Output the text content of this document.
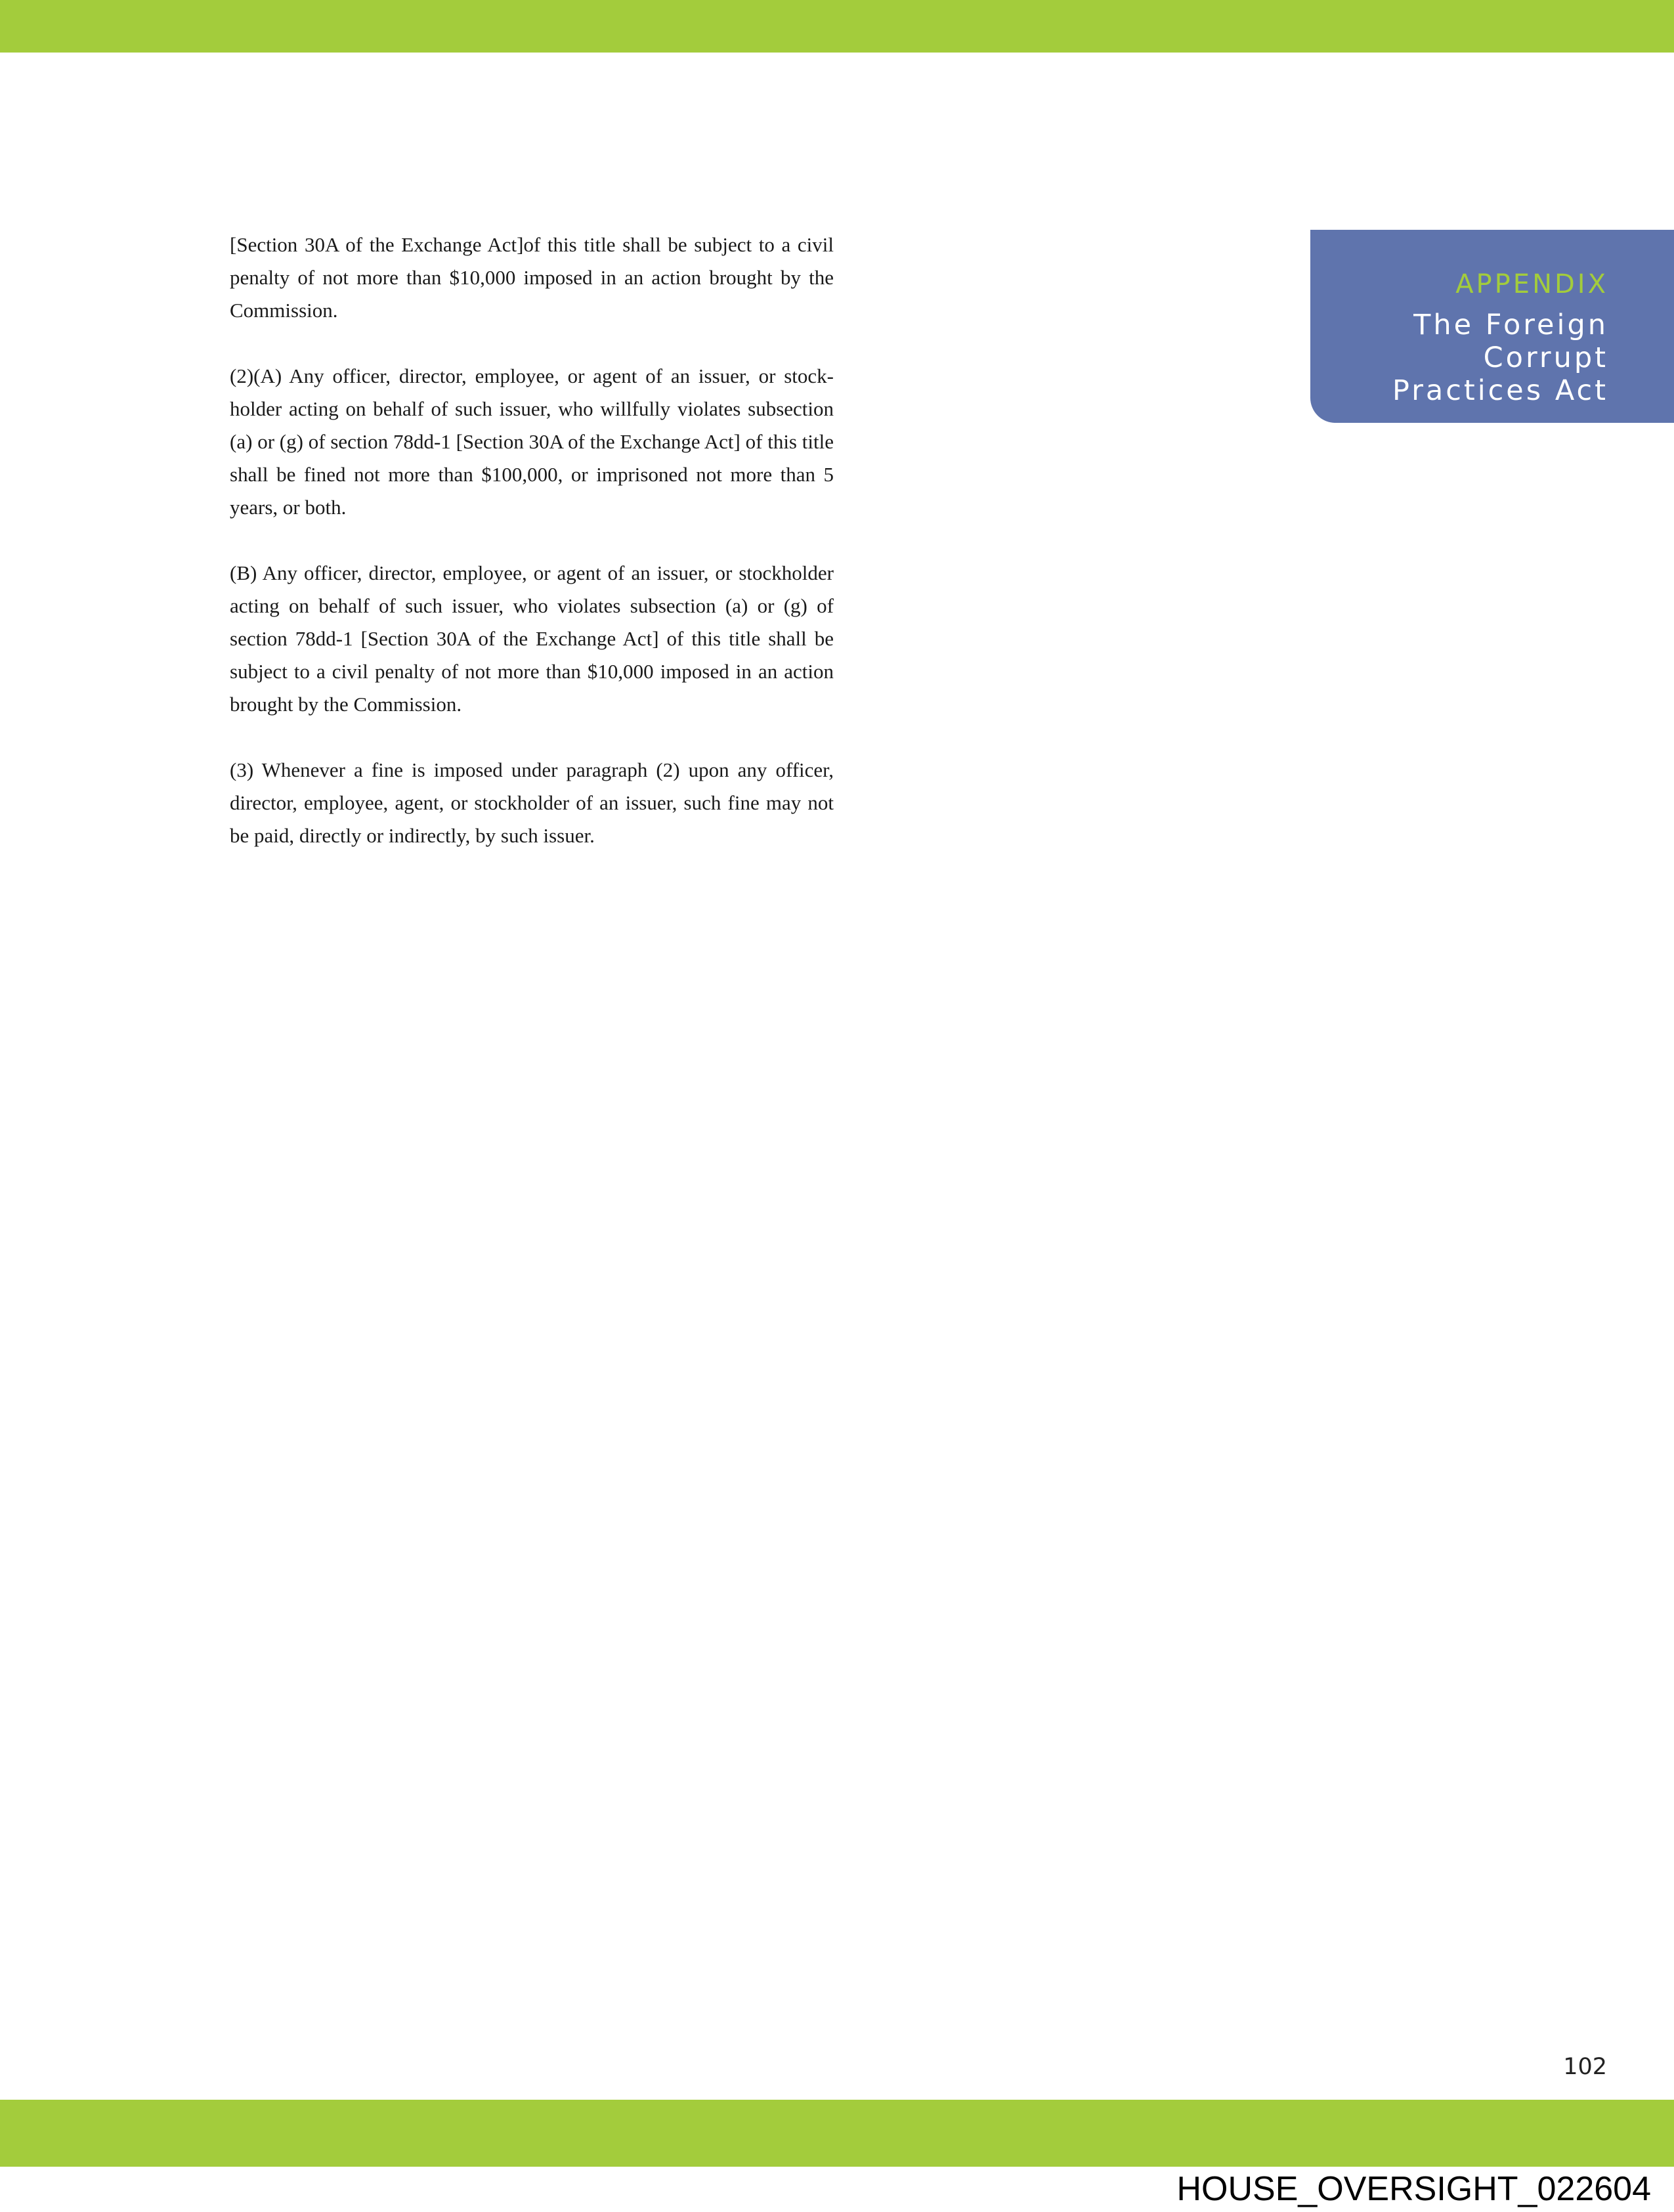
APPENDIX
The Foreign
Corrupt
Practices Act

[Section 30A of the Exchange Act]of this title shall be subject to a civil penalty of not more than $10,000 imposed in an action brought by the Commission.

(2)(A) Any officer, director, employee, or agent of an issuer, or stockholder acting on behalf of such issuer, who willfully violates subsection (a) or (g) of section 78dd-1 [Section 30A of the Exchange Act] of this title shall be fined not more than $100,000, or imprisoned not more than 5 years, or both.

(B) Any officer, director, employee, or agent of an issuer, or stockholder acting on behalf of such issuer, who violates subsection (a) or (g) of section 78dd-1 [Section 30A of the Exchange Act] of this title shall be subject to a civil penalty of not more than $10,000 imposed in an action brought by the Commission.

(3) Whenever a fine is imposed under paragraph (2) upon any officer, director, employee, agent, or stockholder of an issuer, such fine may not be paid, directly or indirectly, by such issuer.

102
HOUSE_OVERSIGHT_022604
